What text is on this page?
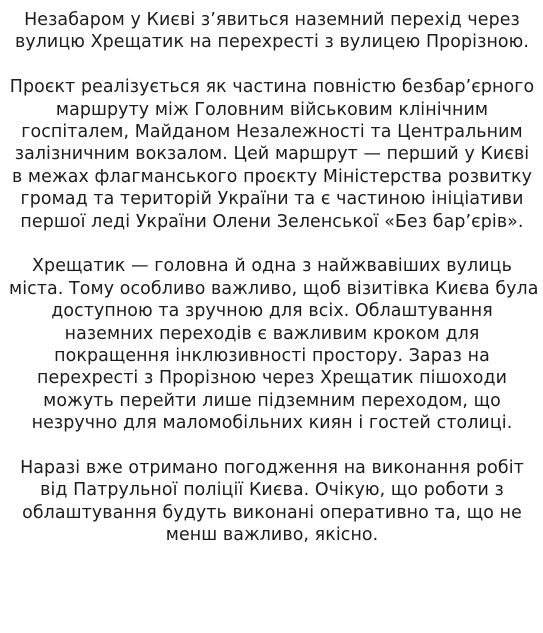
Незабаром у Києві з’явиться наземний перехід через
вулицю Хрещатик на перехресті з вулицею Прорізною.

Проєкт реалізується як частина повністю безбар’єрного
маршруту між Головним військовим клінічним
госпіталем, Майданом Незалежності та Центральним
залізничним вокзалом. Цей маршрут — перший у Києві
в межах флагманського проєкту Міністерства розвитку
громад та територій України та є частиною ініціативи
першої леді України Олени Зеленської «Без бар’єрів».

Хрещатик — головна й одна з найжвавіших вулиць
міста. Тому особливо важливо, щоб візитівка Києва була
доступною та зручною для всіх. Облаштування
наземних переходів є важливим кроком для
покращення інклюзивності простору. Зараз на
перехресті з Прорізною через Хрещатик пішоходи
можуть перейти лише підземним переходом, що
незручно для маломобільних киян і гостей столиці.

Наразі вже отримано погодження на виконання робіт
від Патрульної поліції Києва. Очікую, що роботи з
облаштування будуть виконані оперативно та, що не
менш важливо, якісно.
